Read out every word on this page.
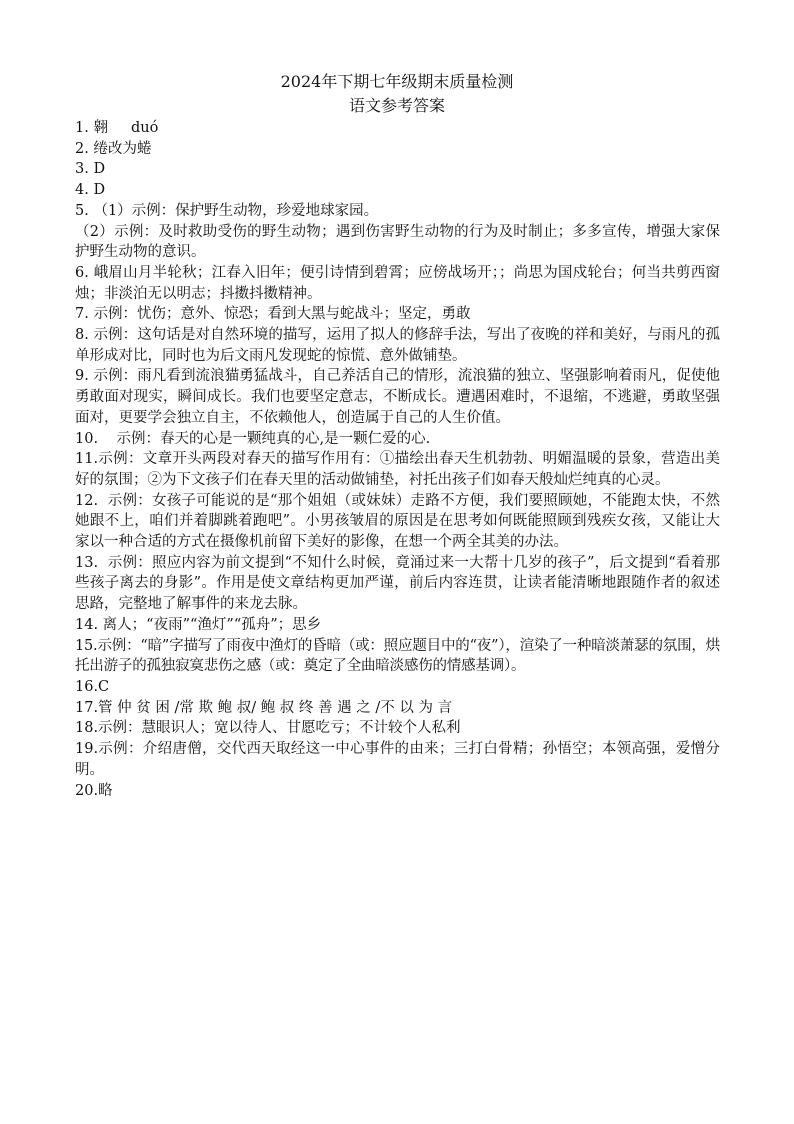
2024年下期七年级期末质量检测
语文参考答案

1. 翱     duó

2. 绻改为蜷

3. D

4. D

5. （1）示例：保护野生动物，珍爱地球家园。

（2）示例：及时救助受伤的野生动物；遇到伤害野生动物的行为及时制止；多多宣传，增强大家保护野生动物的意识。

6. 峨眉山月半轮秋；江春入旧年；便引诗情到碧霄；应傍战场开；；尚思为国戍轮台；何当共剪西窗烛；非淡泊无以明志；抖擞抖擞精神。

7. 示例：忧伤；意外、惊恐；看到大黑与蛇战斗；坚定，勇敢

8. 示例：这句话是对自然环境的描写，运用了拟人的修辞手法，写出了夜晚的祥和美好，与雨凡的孤单形成对比，同时也为后文雨凡发现蛇的惊慌、意外做铺垫。

9. 示例：雨凡看到流浪猫勇猛战斗，自己养活自己的情形，流浪猫的独立、坚强影响着雨凡，促使他勇敢面对现实，瞬间成长。我们也要坚定意志，不断成长。遭遇困难时，不退缩，不逃避，勇敢坚强面对，更要学会独立自主，不依赖他人，创造属于自己的人生价值。

10.    示例：春天的心是一颗纯真的心,是一颗仁爱的心.

11.示例：文章开头两段对春天的描写作用有：①描绘出春天生机勃勃、明媚温暖的景象，营造出美好的氛围；②为下文孩子们在春天里的活动做铺垫，衬托出孩子们如春天般灿烂纯真的心灵。

12.  示例：女孩子可能说的是“那个姐姐（或妹妹）走路不方便，我们要照顾她，不能跑太快，不然她跟不上，咱们并着脚跳着跑吧”。小男孩皱眉的原因是在思考如何既能照顾到残疾女孩，又能让大家以一种合适的方式在摄像机前留下美好的影像，在想一个两全其美的办法。

13.  示例：照应内容为前文提到“不知什么时候，竟涌过来一大帮十几岁的孩子”，后文提到“看着那些孩子离去的身影”。作用是使文章结构更加严谨，前后内容连贯，让读者能清晰地跟随作者的叙述思路，完整地了解事件的来龙去脉。

14. 离人；“夜雨”“渔灯”“孤舟”；思乡

15.示例：“暗”字描写了雨夜中渔灯的昏暗（或：照应题目中的“夜”），渲染了一种暗淡萧瑟的氛围，烘托出游子的孤独寂寞悲伤之感（或：奠定了全曲暗淡感伤的情感基调）。

16.C

17.管 仲 贫 困 /常 欺 鲍 叔/ 鲍 叔 终 善 遇 之 /不 以 为 言

18.示例：慧眼识人；宽以待人、甘愿吃亏；不计较个人私利

19.示例：介绍唐僧，交代西天取经这一中心事件的由来；三打白骨精；孙悟空；本领高强，爱憎分明。

20.略
